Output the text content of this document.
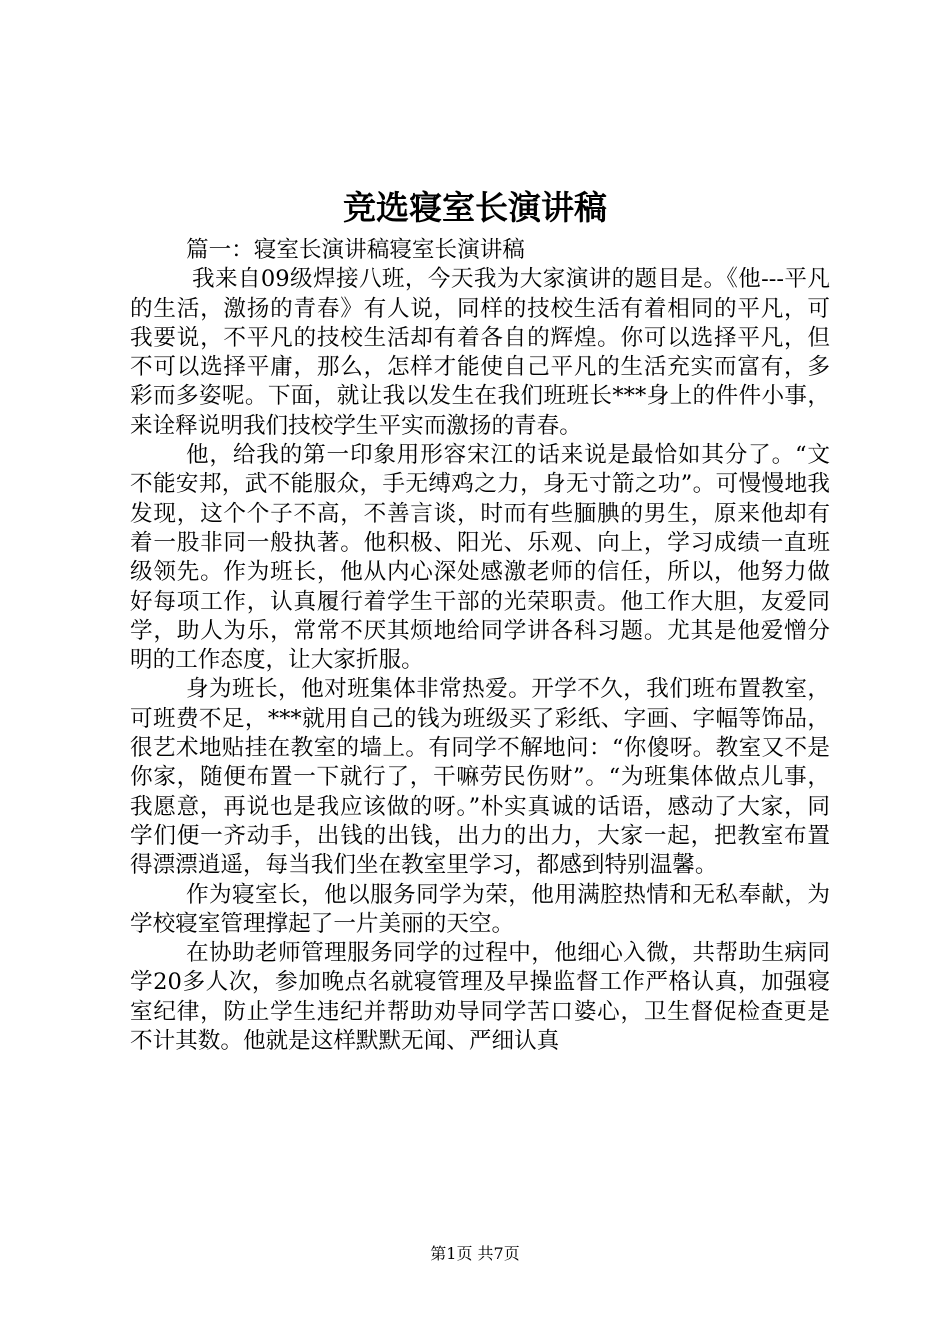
竞选寝室长演讲稿

篇一：寝室长演讲稿寝室长演讲稿

我来自09级焊接八班，今天我为大家演讲的题目是。《他---平凡的生活，激扬的青春》有人说，同样的技校生活有着相同的平凡，可我要说，不平凡的技校生活却有着各自的辉煌。你可以选择平凡，但不可以选择平庸，那么，怎样才能使自己平凡的生活充实而富有，多彩而多姿呢。下面，就让我以发生在我们班班长***身上的件件小事，来诠释说明我们技校学生平实而激扬的青春。

他，给我的第一印象用形容宋江的话来说是最恰如其分了。“文不能安邦，武不能服众，手无缚鸡之力，身无寸箭之功”。可慢慢地我发现，这个个子不高，不善言谈，时而有些腼腆的男生，原来他却有着一股非同一般执著。他积极、阳光、乐观、向上，学习成绩一直班级领先。作为班长，他从内心深处感激老师的信任，所以，他努力做好每项工作，认真履行着学生干部的光荣职责。他工作大胆，友爱同学，助人为乐，常常不厌其烦地给同学讲各科习题。尤其是他爱憎分明的工作态度，让大家折服。

身为班长，他对班集体非常热爱。开学不久，我们班布置教室，可班费不足，***就用自己的钱为班级买了彩纸、字画、字幅等饰品，很艺术地贴挂在教室的墙上。有同学不解地问：“你傻呀。教室又不是你家，随便布置一下就行了，干嘛劳民伤财”。“为班集体做点儿事，我愿意，再说也是我应该做的呀。”朴实真诚的话语，感动了大家，同学们便一齐动手，出钱的出钱，出力的出力，大家一起，把教室布置得漂漂逍遥，每当我们坐在教室里学习，都感到特别温馨。

作为寝室长，他以服务同学为荣，他用满腔热情和无私奉献，为学校寝室管理撑起了一片美丽的天空。

在协助老师管理服务同学的过程中，他细心入微，共帮助生病同学20多人次，参加晚点名就寝管理及早操监督工作严格认真，加强寝室纪律，防止学生违纪并帮助劝导同学苦口婆心，卫生督促检查更是不计其数。他就是这样默默无闻、严细认真

第1页 共7页
